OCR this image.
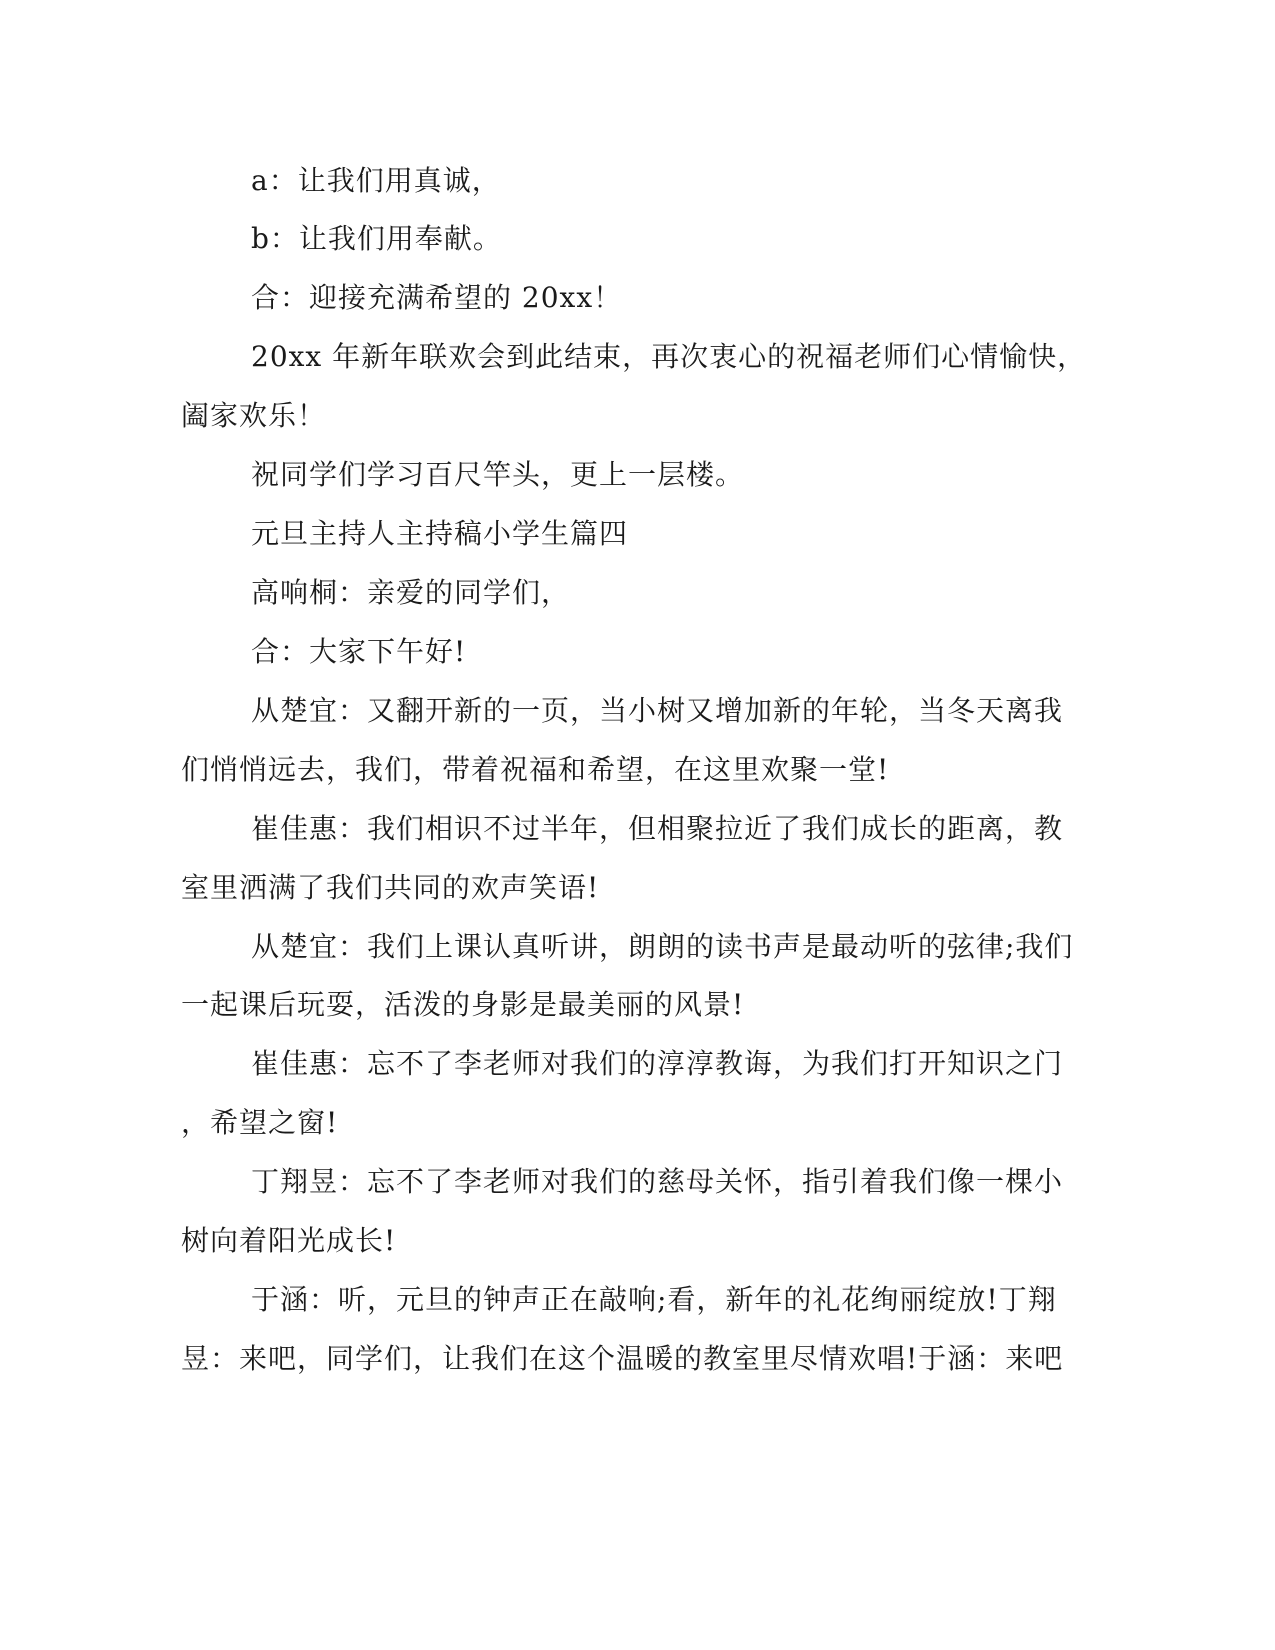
a：让我们用真诚，
b：让我们用奉献。
合：迎接充满希望的 20xx！
20xx 年新年联欢会到此结束，再次衷心的祝福老师们心情愉快，
阖家欢乐！
祝同学们学习百尺竿头，更上一层楼。
元旦主持人主持稿小学生篇四
高响桐：亲爱的同学们，
合：大家下午好!
从楚宜：又翻开新的一页，当小树又增加新的年轮，当冬天离我
们悄悄远去，我们，带着祝福和希望，在这里欢聚一堂!
崔佳惠：我们相识不过半年，但相聚拉近了我们成长的距离，教
室里洒满了我们共同的欢声笑语!
从楚宜：我们上课认真听讲，朗朗的读书声是最动听的弦律;我们
一起课后玩耍，活泼的身影是最美丽的风景!
崔佳惠：忘不了李老师对我们的淳淳教诲，为我们打开知识之门
，希望之窗!
丁翔昱：忘不了李老师对我们的慈母关怀，指引着我们像一棵小
树向着阳光成长!
于涵：听，元旦的钟声正在敲响;看，新年的礼花绚丽绽放!丁翔
昱：来吧，同学们，让我们在这个温暖的教室里尽情欢唱!于涵：来吧
